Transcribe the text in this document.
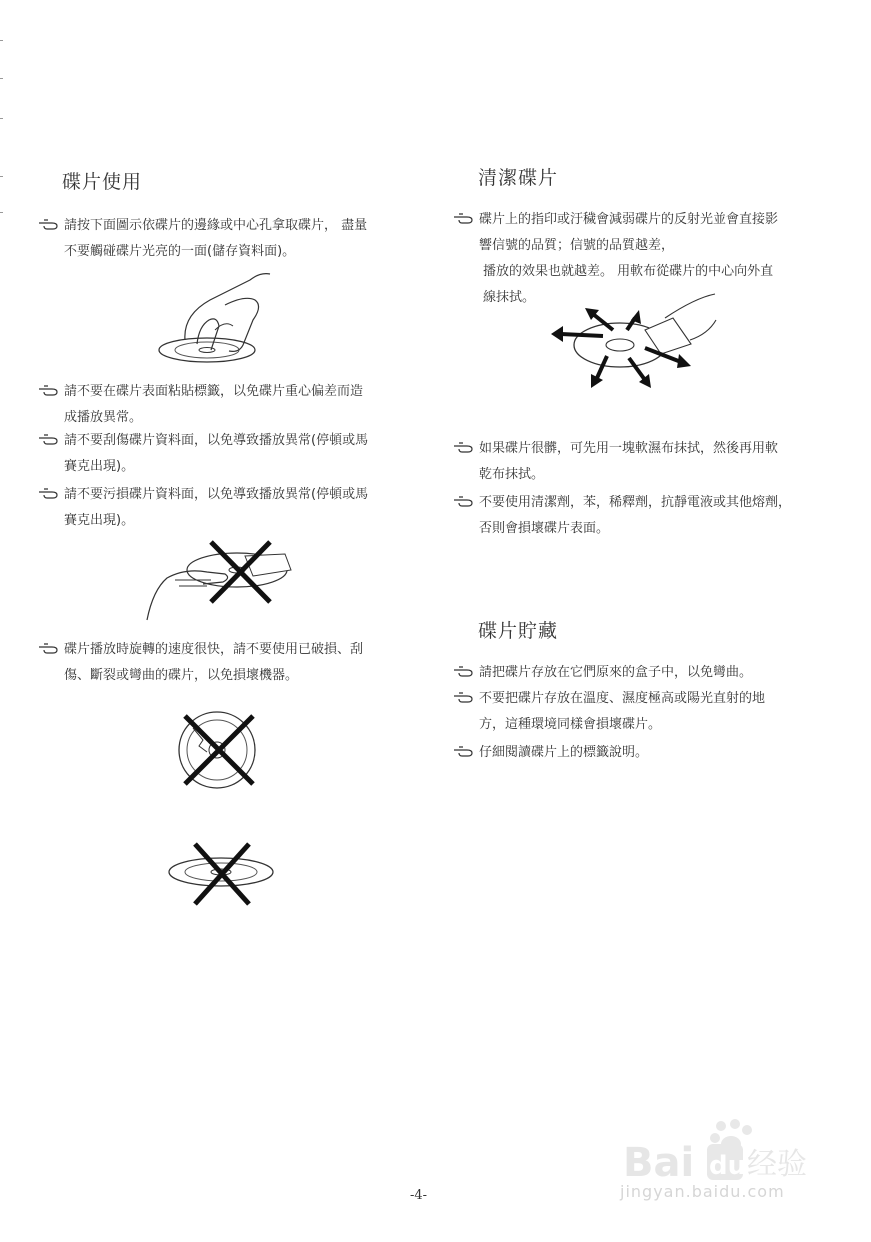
碟片使用
請按下面圖示依碟片的邊緣或中心孔拿取碟片， 盡量
不要觸碰碟片光亮的一面(儲存資料面)。
請不要在碟片表面粘貼標籤，以免碟片重心偏差而造
成播放異常。
請不要刮傷碟片資料面，以免導致播放異常(停頓或馬
賽克出現)。
請不要污損碟片資料面，以免導致播放異常(停頓或馬
賽克出現)。
碟片播放時旋轉的速度很快，請不要使用已破損、刮
傷、斷裂或彎曲的碟片，以免損壞機器。
清潔碟片
碟片上的指印或汙穢會減弱碟片的反射光並會直接影
響信號的品質；信號的品質越差，
播放的效果也就越差。 用軟布從碟片的中心向外直
線抹拭。
如果碟片很髒，可先用一塊軟濕布抹拭，然後再用軟
乾布抹拭。
不要使用清潔劑，苯，稀釋劑，抗靜電液或其他熔劑，
否則會損壞碟片表面。
碟片貯藏
請把碟片存放在它們原來的盒子中，以免彎曲。
不要把碟片存放在溫度、濕度極高或陽光直射的地
方，這種環境同樣會損壞碟片。
仔細閱讀碟片上的標籤說明。
-4-
Bai du 经验
jingyan.baidu.com
